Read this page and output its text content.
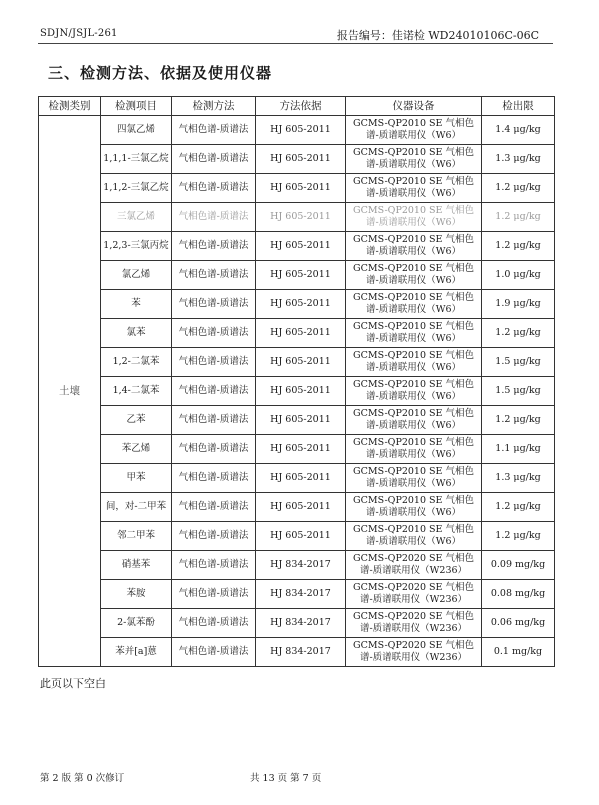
SDJN/JSJL-261	报告编号：佳诺检 WD24010106C-06C
三、检测方法、依据及使用仪器
检测类别	检测项目	检测方法	方法依据	仪器设备	检出限
土壤	四氯乙烯	气相色谱-质谱法	HJ 605-2011	GCMS-QP2010 SE 气相色谱-质谱联用仪（W6）	1.4 μg/kg
	1,1,1-三氯乙烷	气相色谱-质谱法	HJ 605-2011	GCMS-QP2010 SE 气相色谱-质谱联用仪（W6）	1.3 μg/kg
	1,1,2-三氯乙烷	气相色谱-质谱法	HJ 605-2011	GCMS-QP2010 SE 气相色谱-质谱联用仪（W6）	1.2 μg/kg
	三氯乙烯	气相色谱-质谱法	HJ 605-2011	GCMS-QP2010 SE 气相色谱-质谱联用仪（W6）	1.2 μg/kg
	1,2,3-三氯丙烷	气相色谱-质谱法	HJ 605-2011	GCMS-QP2010 SE 气相色谱-质谱联用仪（W6）	1.2 μg/kg
	氯乙烯	气相色谱-质谱法	HJ 605-2011	GCMS-QP2010 SE 气相色谱-质谱联用仪（W6）	1.0 μg/kg
	苯	气相色谱-质谱法	HJ 605-2011	GCMS-QP2010 SE 气相色谱-质谱联用仪（W6）	1.9 μg/kg
	氯苯	气相色谱-质谱法	HJ 605-2011	GCMS-QP2010 SE 气相色谱-质谱联用仪（W6）	1.2 μg/kg
	1,2-二氯苯	气相色谱-质谱法	HJ 605-2011	GCMS-QP2010 SE 气相色谱-质谱联用仪（W6）	1.5 μg/kg
	1,4-二氯苯	气相色谱-质谱法	HJ 605-2011	GCMS-QP2010 SE 气相色谱-质谱联用仪（W6）	1.5 μg/kg
	乙苯	气相色谱-质谱法	HJ 605-2011	GCMS-QP2010 SE 气相色谱-质谱联用仪（W6）	1.2 μg/kg
	苯乙烯	气相色谱-质谱法	HJ 605-2011	GCMS-QP2010 SE 气相色谱-质谱联用仪（W6）	1.1 μg/kg
	甲苯	气相色谱-质谱法	HJ 605-2011	GCMS-QP2010 SE 气相色谱-质谱联用仪（W6）	1.3 μg/kg
	间，对-二甲苯	气相色谱-质谱法	HJ 605-2011	GCMS-QP2010 SE 气相色谱-质谱联用仪（W6）	1.2 μg/kg
	邻二甲苯	气相色谱-质谱法	HJ 605-2011	GCMS-QP2010 SE 气相色谱-质谱联用仪（W6）	1.2 μg/kg
	硝基苯	气相色谱-质谱法	HJ 834-2017	GCMS-QP2020 SE 气相色谱-质谱联用仪（W236）	0.09 mg/kg
	苯胺	气相色谱-质谱法	HJ 834-2017	GCMS-QP2020 SE 气相色谱-质谱联用仪（W236）	0.08 mg/kg
	2-氯苯酚	气相色谱-质谱法	HJ 834-2017	GCMS-QP2020 SE 气相色谱-质谱联用仪（W236）	0.06 mg/kg
	苯并[a]蒽	气相色谱-质谱法	HJ 834-2017	GCMS-QP2020 SE 气相色谱-质谱联用仪（W236）	0.1 mg/kg
此页以下空白
第 2 版 第 0 次修订	共 13 页 第 7 页
